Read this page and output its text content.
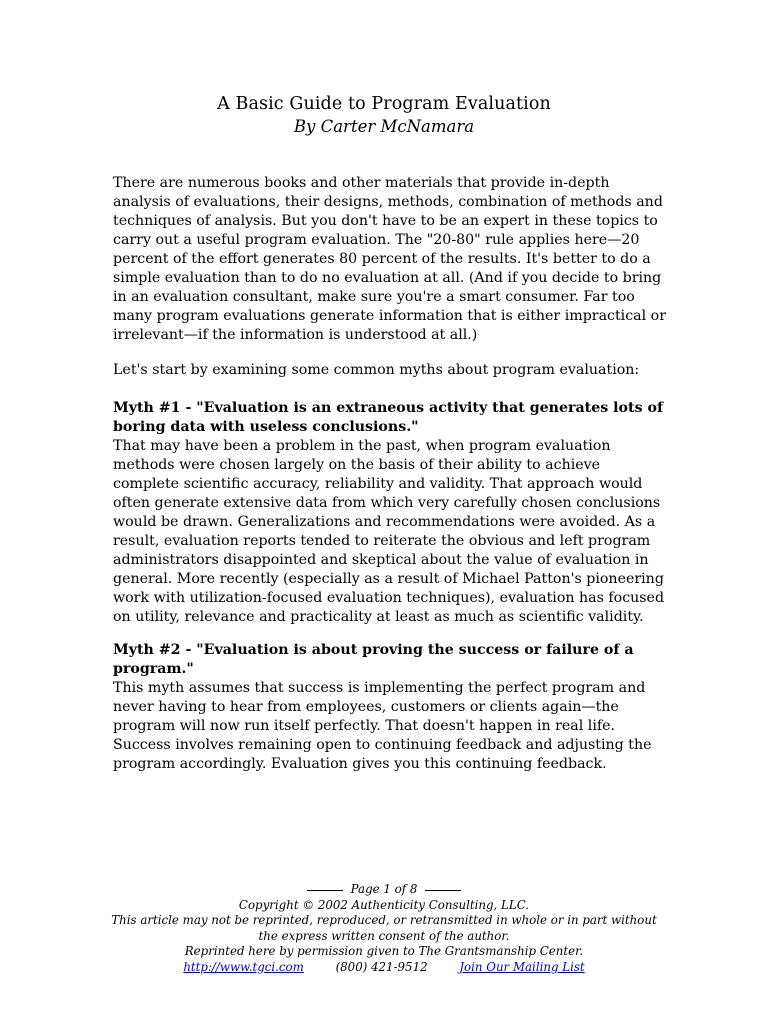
A Basic Guide to Program Evaluation
By Carter McNamara

There are numerous books and other materials that provide in-depth analysis of evaluations, their designs, methods, combination of methods and techniques of analysis. But you don't have to be an expert in these topics to carry out a useful program evaluation. The "20-80" rule applies here—20 percent of the effort generates 80 percent of the results. It's better to do a simple evaluation than to do no evaluation at all. (And if you decide to bring in an evaluation consultant, make sure you're a smart consumer. Far too many program evaluations generate information that is either impractical or irrelevant—if the information is understood at all.)

Let's start by examining some common myths about program evaluation:

Myth #1 - "Evaluation is an extraneous activity that generates lots of boring data with useless conclusions."
That may have been a problem in the past, when program evaluation methods were chosen largely on the basis of their ability to achieve complete scientific accuracy, reliability and validity. That approach would often generate extensive data from which very carefully chosen conclusions would be drawn. Generalizations and recommendations were avoided. As a result, evaluation reports tended to reiterate the obvious and left program administrators disappointed and skeptical about the value of evaluation in general. More recently (especially as a result of Michael Patton's pioneering work with utilization-focused evaluation techniques), evaluation has focused on utility, relevance and practicality at least as much as scientific validity.
Myth #2 - "Evaluation is about proving the success or failure of a program."
This myth assumes that success is implementing the perfect program and never having to hear from employees, customers or clients again—the program will now run itself perfectly. That doesn't happen in real life. Success involves remaining open to continuing feedback and adjusting the program accordingly. Evaluation gives you this continuing feedback.
Page 1 of 8
Copyright © 2002 Authenticity Consulting, LLC.
This article may not be reprinted, reproduced, or retransmitted in whole or in part without
the express written consent of the author.
Reprinted here by permission given to The Grantsmanship Center.
http://www.tgci.com	(800) 421-9512	Join Our Mailing List
